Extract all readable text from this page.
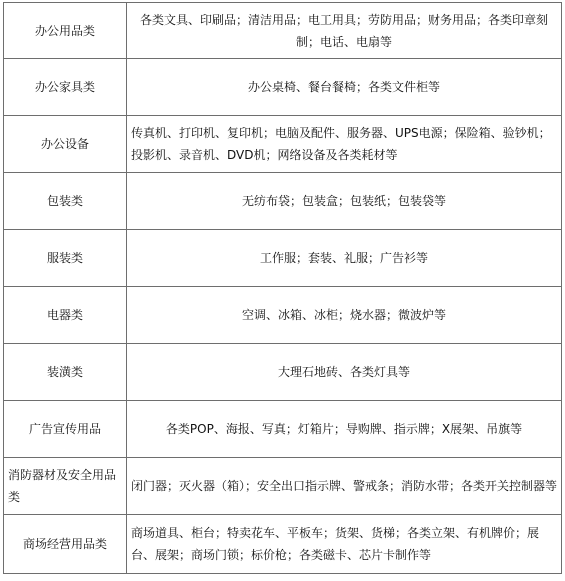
办公用品类	各类文具、印刷品；清洁用品；电工用具；劳防用品；财务用品；各类印章刻制；电话、电扇等
办公家具类	办公桌椅、餐台餐椅；各类文件柜等
办公设备	传真机、打印机、复印机；电脑及配件、服务器、UPS电源；保险箱、验钞机；投影机、录音机、DVD机；网络设备及各类耗材等
包装类	无纺布袋；包装盒；包装纸；包装袋等
服装类	工作服；套装、礼服；广告衫等
电器类	空调、冰箱、冰柜；烧水器；微波炉等
装潢类	大理石地砖、各类灯具等
广告宣传用品	各类POP、海报、写真；灯箱片；导购牌、指示牌；X展架、吊旗等
消防器材及安全用品类	闭门器；灭火器（箱）；安全出口指示牌、警戒条；消防水带；各类开关控制器等
商场经营用品类	商场道具、柜台；特卖花车、平板车；货架、货梯；各类立架、有机牌价；展台、展架；商场门锁；标价枪；各类磁卡、芯片卡制作等
